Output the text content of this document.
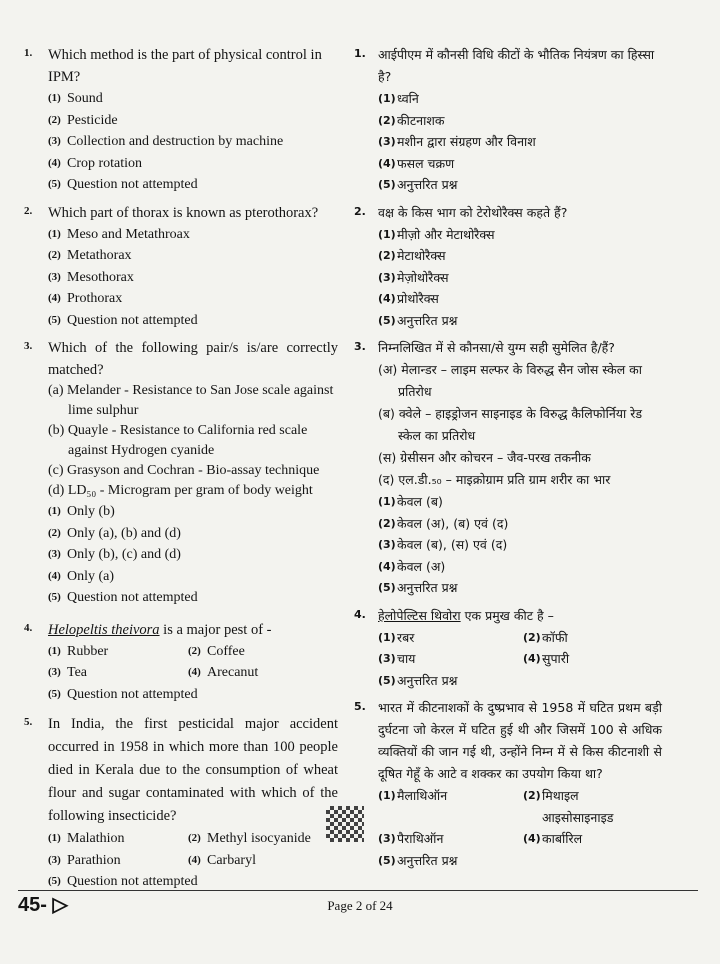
1. Which method is the part of physical control in IPM?
(1) Sound
(2) Pesticide
(3) Collection and destruction by machine
(4) Crop rotation
(5) Question not attempted
2. Which part of thorax is known as pterothorax?
(1) Meso and Metathroax
(2) Metathorax
(3) Mesothorax
(4) Prothorax
(5) Question not attempted
3. Which of the following pair/s is/are correctly matched?
(a) Melander - Resistance to San Jose scale against lime sulphur
(b) Quayle - Resistance to California red scale against Hydrogen cyanide
(c) Grasyson and Cochran - Bio-assay technique
(d) LD₅₀ - Microgram per gram of body weight
(1) Only (b)
(2) Only (a), (b) and (d)
(3) Only (b), (c) and (d)
(4) Only (a)
(5) Question not attempted
4. Helopeltis theivora is a major pest of -
(1) Rubber	(2) Coffee
(3) Tea	(4) Arecanut
(5) Question not attempted
5. In India, the first pesticidal major accident occurred in 1958 in which more than 100 people died in Kerala due to the consumption of wheat flour and sugar contaminated with which of the following insecticide?
(1) Malathion	(2) Methyl isocyanide
(3) Parathion	(4) Carbaryl
(5) Question not attempted
1. आईपीएम में कौनसी विधि कीटों के भौतिक नियंत्रण का हिस्सा है?
(1) ध्वनि
(2) कीटनाशक
(3) मशीन द्वारा संग्रहण और विनाश
(4) फसल चक्रण
(5) अनुत्तरित प्रश्न
2. वक्ष के किस भाग को टेरोथोरैक्स कहते हैं?
(1) मीज़ो और मेटाथोरैक्स
(2) मेटाथोरैक्स
(3) मेज़ोथोरैक्स
(4) प्रोथोरैक्स
(5) अनुत्तरित प्रश्न
3. निम्नलिखित में से कौनसा/से युग्म सही सुमेलित है/हैं?
(अ) मेलान्डर – लाइम सल्फर के विरुद्ध सैन जोस स्केल का प्रतिरोध
(ब) क्वेले – हाइड्रोजन साइनाइड के विरुद्ध कैलिफोर्निया रेड स्केल का प्रतिरोध
(स) ग्रेसीसन और कोचरन – जैव-परख तकनीक
(द) एल.डी.₅₀ – माइक्रोग्राम प्रति ग्राम शरीर का भार
(1) केवल (ब)
(2) केवल (अ), (ब) एवं (द)
(3) केवल (ब), (स) एवं (द)
(4) केवल (अ)
(5) अनुत्तरित प्रश्न
4. हेलोपेल्टिस थिवोरा एक प्रमुख कीट है –
(1) रबर	(2) कॉफी
(3) चाय	(4) सुपारी
(5) अनुत्तरित प्रश्न
5. भारत में कीटनाशकों के दुष्प्रभाव से 1958 में घटित प्रथम बड़ी दुर्घटना जो केरल में घटित हुई थी और जिसमें 100 से अधिक व्यक्तियों की जान गई थी, उन्होंने निम्न में से किस कीटनाशी से दूषित गेहूँ के आटे व शक्कर का उपयोग किया था?
(1) मैलाथिऑन	(2) मिथाइल आइसोसाइनाइड
(3) पैराथिऑन	(4) कार्बारिल
(5) अनुत्तरित प्रश्न
45- ▷	Page 2 of 24
